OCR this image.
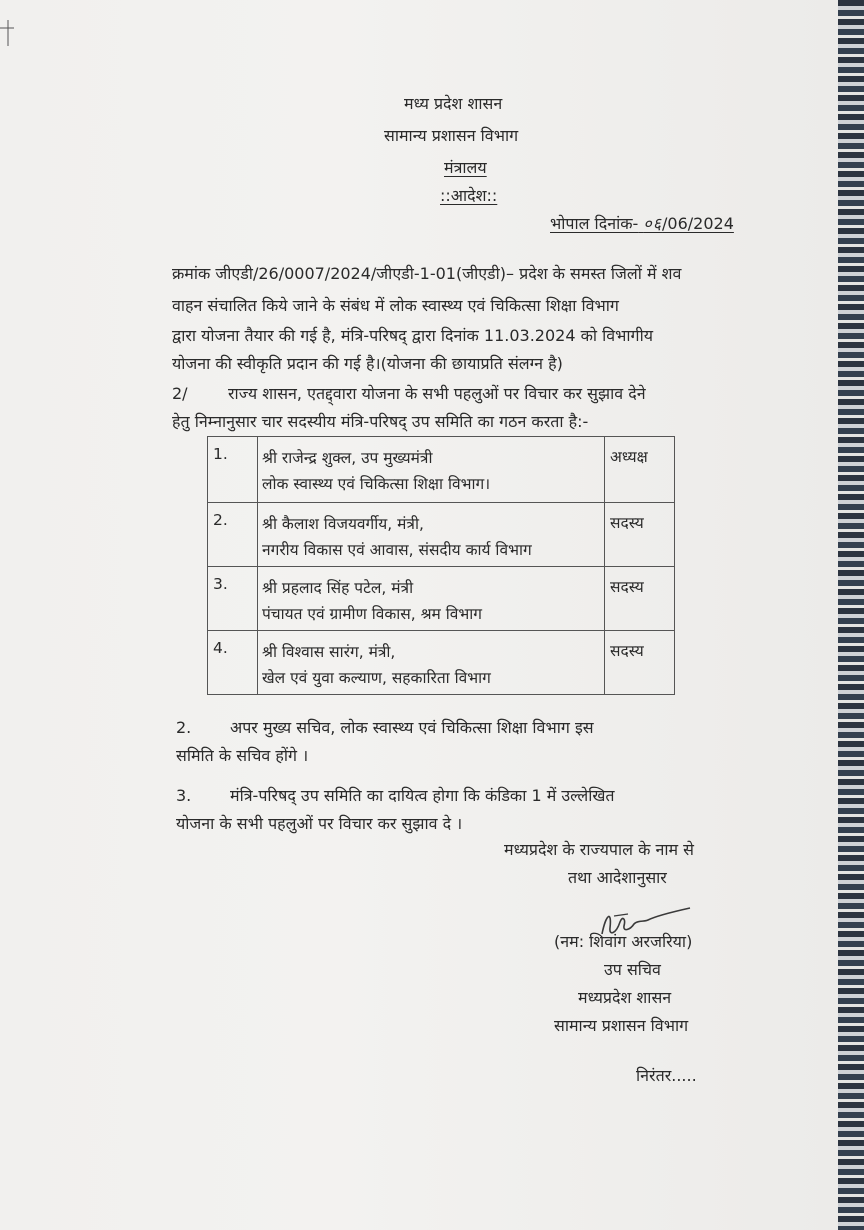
मध्य प्रदेश शासन
सामान्य प्रशासन विभाग
मंत्रालय
::आदेश::
भोपाल दिनांक- ०६/06/2024
क्रमांक जीएडी/26/0007/2024/जीएडी-1-01(जीएडी)– प्रदेश के समस्त जिलों में शव
वाहन संचालित किये जाने के संबंध में लोक स्वास्थ्य एवं चिकित्सा शिक्षा विभाग
द्वारा योजना तैयार की गई है, मंत्रि-परिषद् द्वारा दिनांक 11.03.2024 को विभागीय
योजना की स्वीकृति प्रदान की गई है।(योजना की छायाप्रति संलग्न है)
2/	राज्य शासन, एतद्द्वारा योजना के सभी पहलुओं पर विचार कर सुझाव देने
हेतु निम्नानुसार चार सदस्यीय मंत्रि-परिषद् उप समिति का गठन करता है:-
1.	श्री राजेन्द्र शुक्ल, उप मुख्यमंत्री
लोक स्वास्थ्य एवं चिकित्सा शिक्षा विभाग।	अध्यक्ष
2.	श्री कैलाश विजयवर्गीय, मंत्री,
नगरीय विकास एवं आवास, संसदीय कार्य विभाग	सदस्य
3.	श्री प्रहलाद सिंह पटेल, मंत्री
पंचायत एवं ग्रामीण विकास, श्रम विभाग	सदस्य
4.	श्री विश्वास सारंग, मंत्री,
खेल एवं युवा कल्याण, सहकारिता विभाग	सदस्य
2. अपर मुख्य सचिव, लोक स्वास्थ्य एवं चिकित्सा शिक्षा विभाग इस
समिति के सचिव होंगे ।
3. मंत्रि-परिषद् उप समिति का दायित्व होगा कि कंडिका 1 में उल्लेखित
योजना के सभी पहलुओं पर विचार कर सुझाव दे ।
मध्यप्रदेश के राज्यपाल के नाम से
तथा आदेशानुसार
(नम: शिवांग अरजरिया)
उप सचिव
मध्यप्रदेश शासन
सामान्य प्रशासन विभाग
निरंतर.....
